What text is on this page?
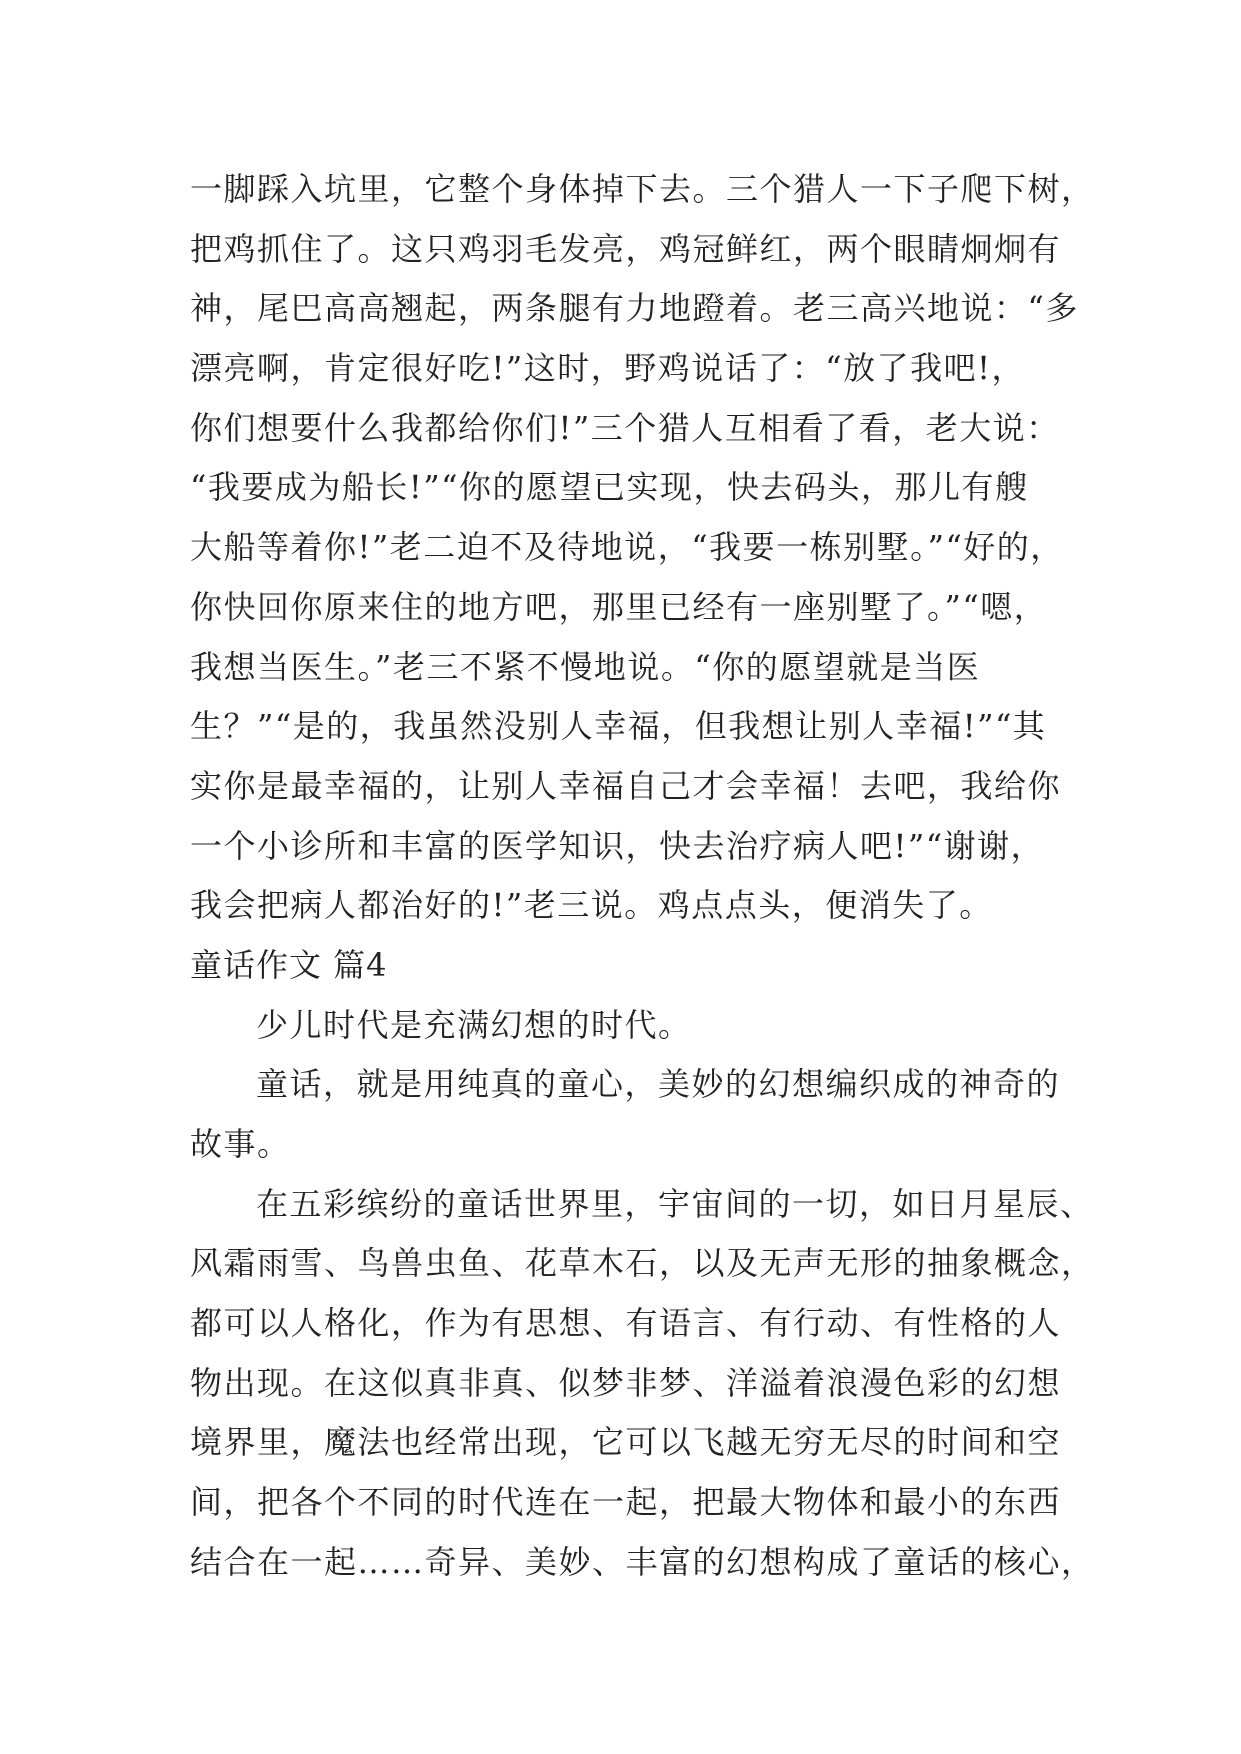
一脚踩入坑里，它整个身体掉下去。三个猎人一下子爬下树，
把鸡抓住了。这只鸡羽毛发亮，鸡冠鲜红，两个眼睛炯炯有
神，尾巴高高翘起，两条腿有力地蹬着。老三高兴地说：“多
漂亮啊，肯定很好吃!”这时，野鸡说话了：“放了我吧!，
你们想要什么我都给你们!”三个猎人互相看了看，老大说：
“我要成为船长!”“你的愿望已实现，快去码头，那儿有艘
大船等着你!”老二迫不及待地说，“我要一栋别墅。”“好的，
你快回你原来住的地方吧，那里已经有一座别墅了。”“嗯，
我想当医生。”老三不紧不慢地说。“你的愿望就是当医
生？”“是的，我虽然没别人幸福，但我想让别人幸福!”“其
实你是最幸福的，让别人幸福自己才会幸福！去吧，我给你
一个小诊所和丰富的医学知识，快去治疗病人吧!”“谢谢，
我会把病人都治好的!”老三说。鸡点点头，便消失了。
童话作文 篇4
少儿时代是充满幻想的时代。
童话，就是用纯真的童心，美妙的幻想编织成的神奇的
故事。
在五彩缤纷的童话世界里，宇宙间的一切，如日月星辰、
风霜雨雪、鸟兽虫鱼、花草木石，以及无声无形的抽象概念，
都可以人格化，作为有思想、有语言、有行动、有性格的人
物出现。在这似真非真、似梦非梦、洋溢着浪漫色彩的幻想
境界里，魔法也经常出现，它可以飞越无穷无尽的时间和空
间，把各个不同的时代连在一起，把最大物体和最小的东西
结合在一起……奇异、美妙、丰富的幻想构成了童话的核心，
